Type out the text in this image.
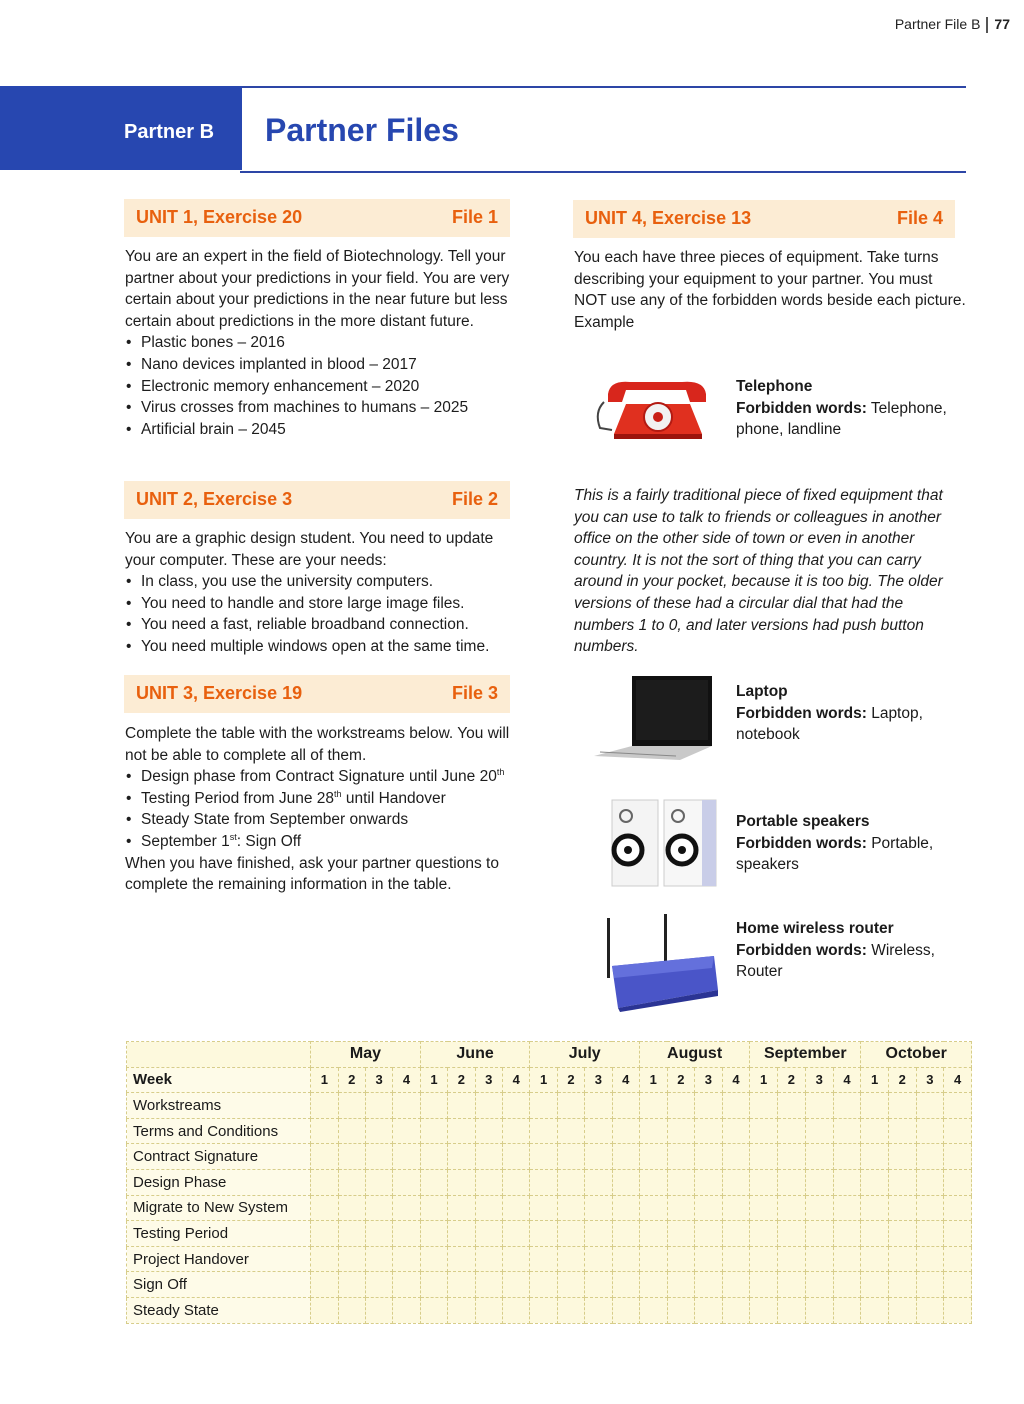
Partner File B 77
Partner B Partner Files
UNIT 1, Exercise 20	File 1

You are an expert in the field of Biotechnology. Tell your partner about your predictions in your field. You are very certain about your predictions in the near future but less certain about predictions in the more distant future.

• Plastic bones – 2016
• Nano devices implanted in blood – 2017
• Electronic memory enhancement – 2020
• Virus crosses from machines to humans – 2025
• Artificial brain – 2045
UNIT 2, Exercise 3	File 2

You are a graphic design student. You need to update your computer. These are your needs:

• In class, you use the university computers.
• You need to handle and store large image files.
• You need a fast, reliable broadband connection.
• You need multiple windows open at the same time.
UNIT 3, Exercise 19	File 3

Complete the table with the workstreams below. You will not be able to complete all of them.

• Design phase from Contract Signature until June 20th
• Testing Period from June 28th until Handover
• Steady State from September onwards
• September 1st: Sign Off

When you have finished, ask your partner questions to complete the remaining information in the table.

UNIT 4, Exercise 13	File 4

You each have three pieces of equipment. Take turns describing your equipment to your partner. You must NOT use any of the forbidden words beside each picture.

Example

Telephone
Forbidden words: Telephone, phone, landline
This is a fairly traditional piece of fixed equipment that you can use to talk to friends or colleagues in another office on the other side of town or even in another country. It is not the sort of thing that you can carry around in your pocket, because it is too big. The older versions of these had a circular dial that had the numbers 1 to 0, and later versions had push button numbers.
Laptop
Forbidden words: Laptop, notebook
Portable speakers
Forbidden words: Portable, speakers
Home wireless router
Forbidden words: Wireless, Router
	May				June				July				August				September				October			
Week	1	2	3	4	1	2	3	4	1	2	3	4	1	2	3	4	1	2	3	4	1	2	3	4
Workstreams																								
Terms and Conditions																								
Contract Signature																								
Design Phase																								
Migrate to New System																								
Testing Period																								
Project Handover																								
Sign Off																								
Steady State																								
